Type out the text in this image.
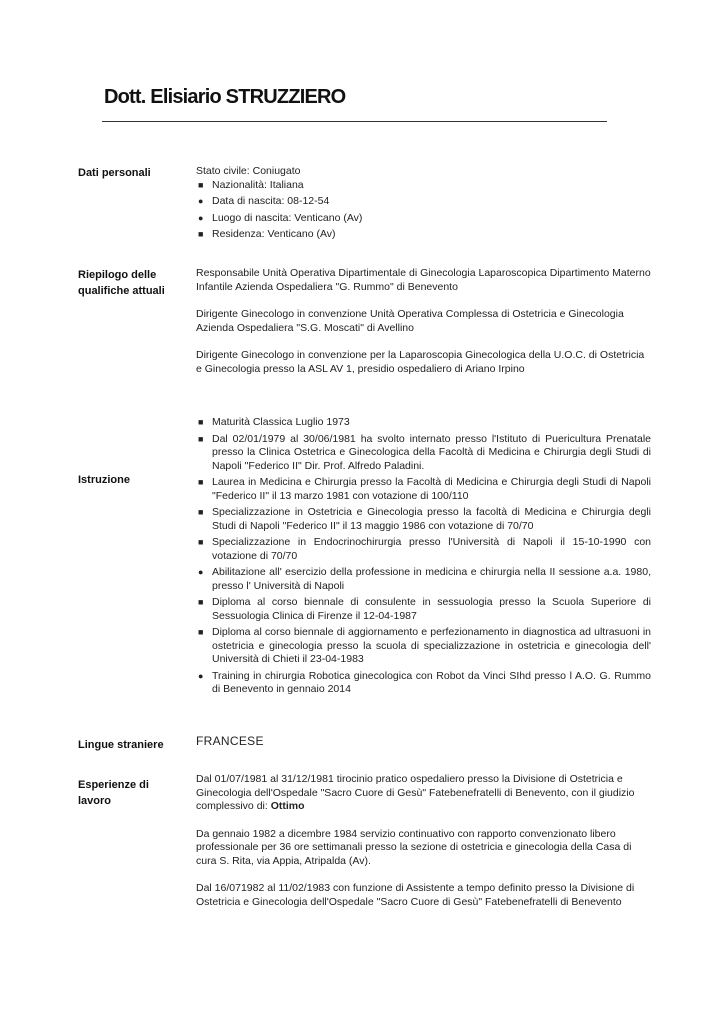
Dott. Elisiario STRUZZIERO
Dati personali	Stato civile: Coniugato
■ Nazionalità: Italiana
● Data di nascita: 08-12-54
● Luogo di nascita: Venticano (Av)
■ Residenza: Venticano (Av)
Riepilogo delle
qualifiche attuali

Responsabile Unità Operativa Dipartimentale di Ginecologia Laparoscopica Dipartimento Materno Infantile Azienda Ospedaliera "G. Rummo" di Benevento

Dirigente Ginecologo in convenzione Unità Operativa Complessa di Ostetricia e Ginecologia Azienda Ospedaliera "S.G. Moscati" di Avellino

Dirigente Ginecologo in convenzione per la Laparoscopia Ginecologica della U.O.C. di Ostetricia e Ginecologia presso la ASL AV 1, presidio ospedaliero di Ariano Irpino

Istruzione
■ Maturità Classica Luglio 1973
■ Dal 02/01/1979 al 30/06/1981 ha svolto internato presso l'Istituto di Puericultura Prenatale presso la Clinica Ostetrica e Ginecologica della Facoltà di Medicina e Chirurgia degli Studi di Napoli "Federico II" Dir. Prof. Alfredo Paladini.
■ Laurea in Medicina e Chirurgia presso la Facoltà di Medicina e Chirurgia degli Studi di Napoli "Federico II" il 13 marzo 1981 con votazione di 100/110
■ Specializzazione in Ostetricia e Ginecologia presso la facoltà di Medicina e Chirurgia degli Studi di Napoli "Federico II" il 13 maggio 1986 con votazione di 70/70
■ Specializzazione in Endocrinochirurgia presso l'Università di Napoli il 15-10-1990 con votazione di 70/70
● Abilitazione all' esercizio della professione in medicina e chirurgia nella II sessione a.a. 1980, presso l' Università di Napoli
■ Diploma al corso biennale di consulente in sessuologia presso la Scuola Superiore di Sessuologia Clinica di Firenze il 12-04-1987
■ Diploma al corso biennale di aggiornamento e perfezionamento in diagnostica ad ultrasuoni in ostetricia e ginecologia presso la scuola di specializzazione in ostetricia e ginecologia dell' Università di Chieti il 23-04-1983
● Training in chirurgia Robotica ginecologica con Robot da Vinci SIhd presso l A.O. G. Rummo di Benevento in gennaio 2014
Lingue straniere	FRANCESE
Esperienze di
lavoro

Dal 01/07/1981 al 31/12/1981 tirocinio pratico ospedaliero presso la Divisione di Ostetricia e Ginecologia dell'Ospedale "Sacro Cuore di Gesù" Fatebenefratelli di Benevento, con il giudizio complessivo di: Ottimo

Da gennaio 1982 a dicembre 1984 servizio continuativo con rapporto convenzionato libero professionale per 36 ore settimanali presso la sezione di ostetricia e ginecologia della Casa di cura S. Rita, via Appia, Atripalda (Av).

Dal 16/071982 al 11/02/1983 con funzione di Assistente a tempo definito presso la Divisione di Ostetricia e Ginecologia dell'Ospedale "Sacro Cuore di Gesù" Fatebenefratelli di Benevento
